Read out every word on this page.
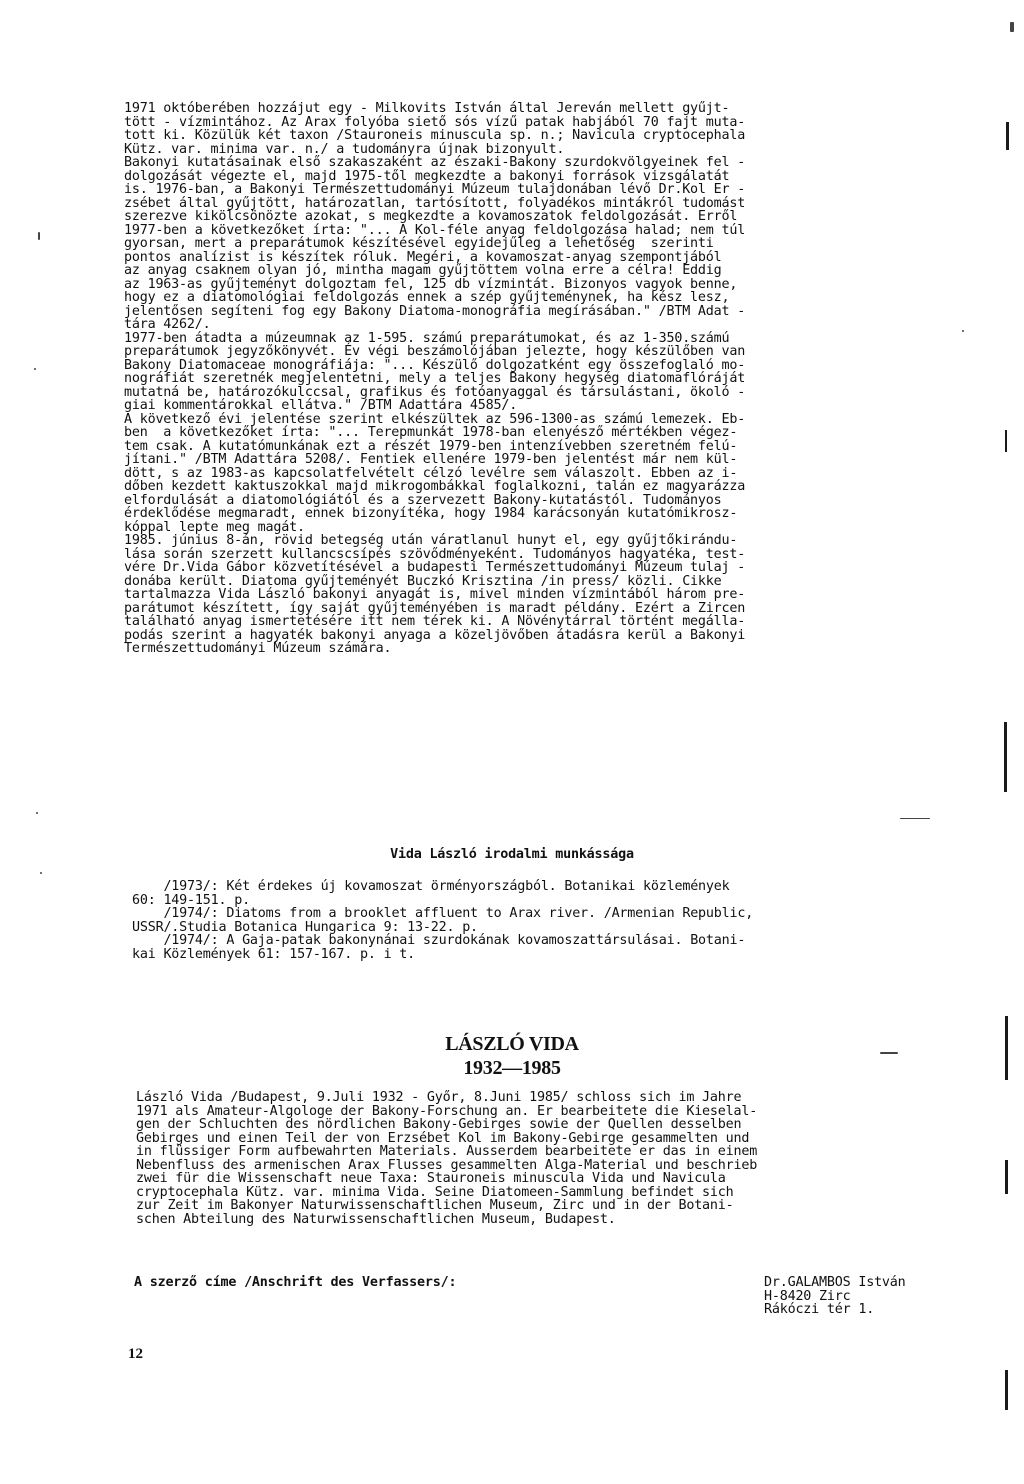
1971 októberében hozzájut egy - Milkovits István által Jereván mellett gyűjt-
tött - vízmintához. Az Arax folyóba siető sós vízű patak habjából 70 fajt muta-
tott ki. Közülük két taxon /Stauroneis minuscula sp. n.; Navicula cryptocephala
Kütz. var. minima var. n./ a tudományra újnak bizonyult.
Bakonyi kutatásainak első szakaszaként az északi-Bakony szurdokvölgyeinek fel -
dolgozását végezte el, majd 1975-től megkezdte a bakonyi források vizsgálatát
is. 1976-ban, a Bakonyi Természettudományi Múzeum tulajdonában lévő Dr.Kol Er -
zsébet által gyűjtött, határozatlan, tartósított, folyadékos mintákról tudomást
szerezve kikölcsönözte azokat, s megkezdte a kovamoszatok feldolgozását. Erről
1977-ben a következőket írta: "... A Kol-féle anyag feldolgozása halad; nem túl
gyorsan, mert a preparátumok készítésével egyidejűleg a lehetőség  szerinti
pontos analízist is készítek róluk. Megéri, a kovamoszat-anyag szempontjából
az anyag csaknem olyan jó, mintha magam gyűjtöttem volna erre a célra! Eddig
az 1963-as gyűjteményt dolgoztam fel, 125 db vízmintát. Bizonyos vagyok benne,
hogy ez a diatomológiai feldolgozás ennek a szép gyűjteménynek, ha kész lesz,
jelentősen segíteni fog egy Bakony Diatoma-monográfia megírásában." /BTM Adat -
tára 4262/.
1977-ben átadta a múzeumnak az 1-595. számú preparátumokat, és az 1-350.számú
preparátumok jegyzőkönyvét. Év végi beszámolójában jelezte, hogy készülőben van
Bakony Diatomaceae monográfiája: "... Készülő dolgozatként egy összefoglaló mo-
nográfiát szeretnék megjelentetni, mely a teljes Bakony hegység diatomaflóráját
mutatná be, határozókulccsal, grafikus és fotóanyaggal és társulástani, ökoló -
giai kommentárokkal ellátva." /BTM Adattára 4585/.
A következő évi jelentése szerint elkészültek az 596-1300-as számú lemezek. Eb-
ben  a következőket írta: "... Terepmunkát 1978-ban elenyésző mértékben végez-
tem csak. A kutatómunkának ezt a részét 1979-ben intenzívebben szeretném felú-
jítani." /BTM Adattára 5208/. Fentiek ellenére 1979-ben jelentést már nem kül-
dött, s az 1983-as kapcsolatfelvételt célzó levélre sem válaszolt. Ebben az i-
dőben kezdett kaktuszokkal majd mikrogombákkal foglalkozni, talán ez magyarázza
elfordulását a diatomológiától és a szervezett Bakony-kutatástól. Tudományos
érdeklődése megmaradt, ennek bizonyítéka, hogy 1984 karácsonyán kutatómikrosz-
kóppal lepte meg magát.
1985. június 8-án, rövid betegség után váratlanul hunyt el, egy gyűjtőkirándu-
lása során szerzett kullancscsípés szövődményeként. Tudományos hagyatéka, test-
vére Dr.Vida Gábor közvetítésével a budapesti Természettudományi Múzeum tulaj -
donába került. Diatoma gyűjteményét Buczkó Krisztina /in press/ közli. Cikke
tartalmazza Vida László bakonyi anyagát is, mivel minden vízmintából három pre-
parátumot készített, így saját gyűjteményében is maradt példány. Ezért a Zircen
található anyag ismertetésére itt nem térek ki. A Növénytárral történt megálla-
podás szerint a hagyaték bakonyi anyaga a közeljövőben átadásra kerül a Bakonyi
Természettudományi Múzeum számára.
Vida László irodalmi munkássága
/1973/: Két érdekes új kovamoszat örményországból. Botanikai közlemények
60: 149-151. p.
/1974/: Diatoms from a brooklet affluent to Arax river. /Armenian Republic,
USSR/.Studia Botanica Hungarica 9: 13-22. p.
/1974/: A Gaja-patak bakonynánai szurdokának kovamoszattársulásai. Botani-
kai Közlemények 61: 157-167. p. i t.
LÁSZLÓ VIDA
1932—1985
László Vida /Budapest, 9.Juli 1932 - Győr, 8.Juni 1985/ schloss sich im Jahre
1971 als Amateur-Algologe der Bakony-Forschung an. Er bearbeitete die Kieselal-
gen der Schluchten des nördlichen Bakony-Gebirges sowie der Quellen desselben
Gebirges und einen Teil der von Erzsébet Kol im Bakony-Gebirge gesammelten und
in flüssiger Form aufbewahrten Materials. Ausserdem bearbeitete er das in einem
Nebenfluss des armenischen Arax Flusses gesammelten Alga-Material und beschrieb
zwei für die Wissenschaft neue Taxa: Stauroneis minuscula Vida und Navicula
cryptocephala Kütz. var. minima Vida. Seine Diatomeen-Sammlung befindet sich
zur Zeit im Bakonyer Naturwissenschaftlichen Museum, Zirc und in der Botani-
schen Abteilung des Naturwissenschaftlichen Museum, Budapest.
A szerző címe /Anschrift des Verfassers/:	Dr.GALAMBOS István
H-8420 Zirc
Rákóczi tér 1.
12
